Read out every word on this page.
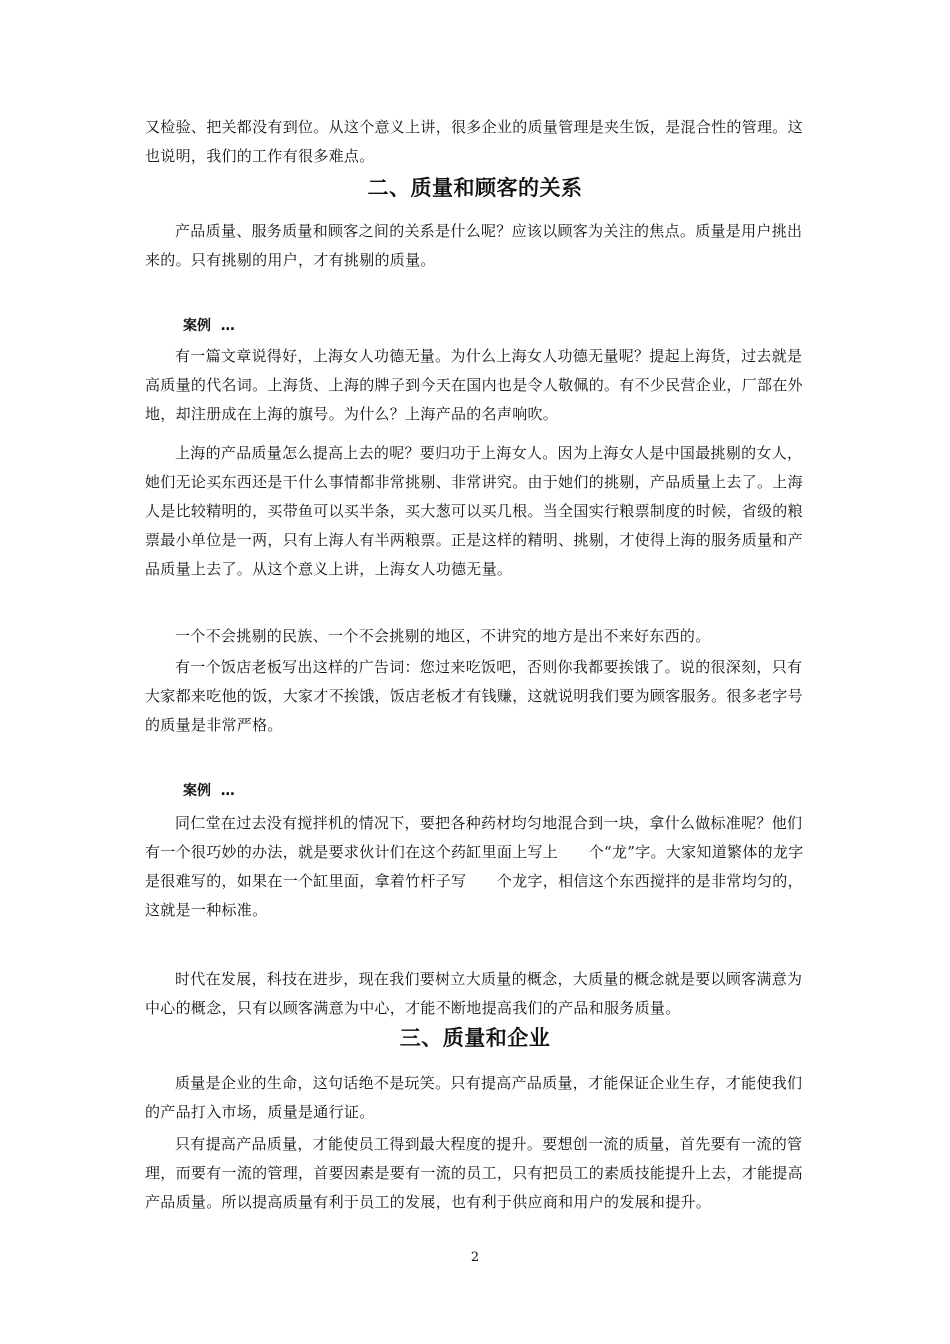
又检验、把关都没有到位。从这个意义上讲，很多企业的质量管理是夹生饭，是混合性的管理。这也说明，我们的工作有很多难点。

二、质量和顾客的关系

产品质量、服务质量和顾客之间的关系是什么呢？应该以顾客为关注的焦点。质量是用户挑出来的。只有挑剔的用户，才有挑剔的质量。

案例  …

有一篇文章说得好，上海女人功德无量。为什么上海女人功德无量呢？提起上海货，过去就是高质量的代名词。上海货、上海的牌子到今天在国内也是令人敬佩的。有不少民营企业，厂部在外地，却注册成在上海的旗号。为什么？上海产品的名声响吹。

上海的产品质量怎么提高上去的呢？要归功于上海女人。因为上海女人是中国最挑剔的女人，她们无论买东西还是干什么事情都非常挑剔、非常讲究。由于她们的挑剔，产品质量上去了。上海人是比较精明的，买带鱼可以买半条，买大葱可以买几根。当全国实行粮票制度的时候，省级的粮票最小单位是一两，只有上海人有半两粮票。正是这样的精明、挑剔，才使得上海的服务质量和产品质量上去了。从这个意义上讲，上海女人功德无量。

一个不会挑剔的民族、一个不会挑剔的地区，不讲究的地方是出不来好东西的。

有一个饭店老板写出这样的广告词：您过来吃饭吧，否则你我都要挨饿了。说的很深刻，只有大家都来吃他的饭，大家才不挨饿，饭店老板才有钱赚，这就说明我们要为顾客服务。很多老字号的质量是非常严格。

案例  …

同仁堂在过去没有搅拌机的情况下，要把各种药材均匀地混合到一块，拿什么做标准呢？他们有一个很巧妙的办法，就是要求伙计们在这个药缸里面上写上　　个“龙”字。大家知道繁体的龙字是很难写的，如果在一个缸里面，拿着竹杆子写　　个龙字，相信这个东西搅拌的是非常均匀的，这就是一种标准。

时代在发展，科技在进步，现在我们要树立大质量的概念，大质量的概念就是要以顾客满意为中心的概念，只有以顾客满意为中心，才能不断地提高我们的产品和服务质量。

三、质量和企业

质量是企业的生命，这句话绝不是玩笑。只有提高产品质量，才能保证企业生存，才能使我们的产品打入市场，质量是通行证。

只有提高产品质量，才能使员工得到最大程度的提升。要想创一流的质量，首先要有一流的管理，而要有一流的管理，首要因素是要有一流的员工，只有把员工的素质技能提升上去，才能提高产品质量。所以提高质量有利于员工的发展，也有利于供应商和用户的发展和提升。

2
